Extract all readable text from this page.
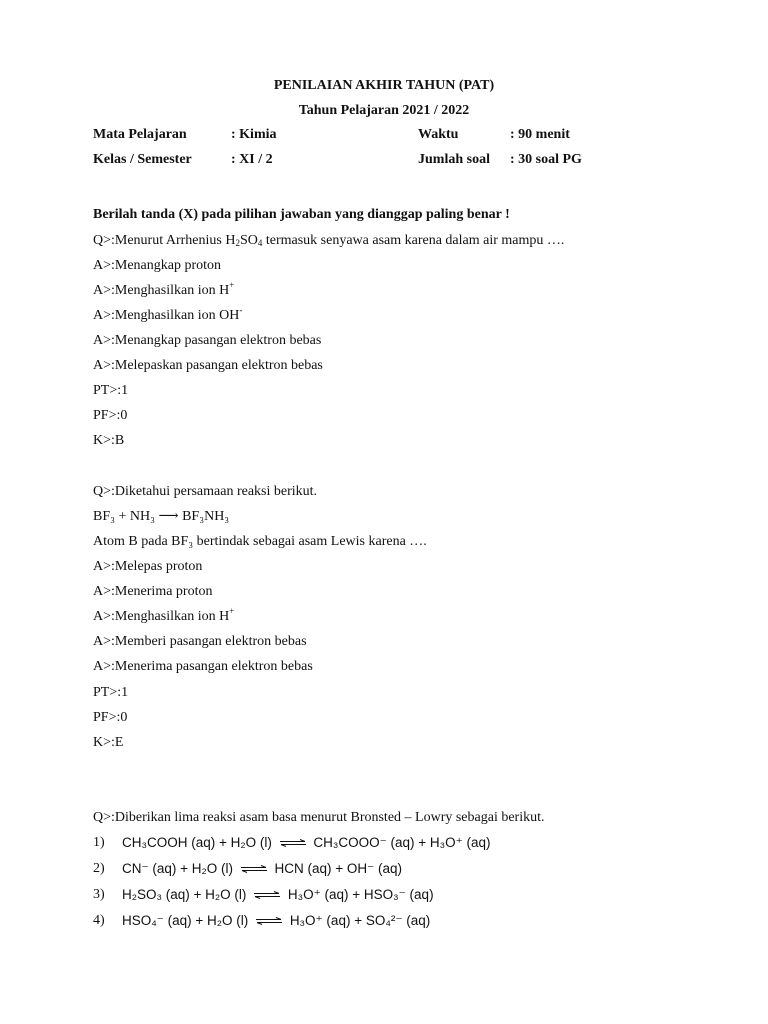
PENILAIAN AKHIR TAHUN (PAT)
Tahun Pelajaran 2021 / 2022
Mata Pelajaran	: Kimia	Waktu	: 90 menit
Kelas / Semester	: XI / 2	Jumlah soal : 30 soal PG
Berilah tanda (X) pada pilihan jawaban yang dianggap paling benar !
Q>:Menurut Arrhenius $H_2SO_4$ termasuk senyawa asam karena dalam air mampu ….
A>:Menangkap proton
A>:Menghasilkan ion H+
A>:Menghasilkan ion OH-
A>:Menangkap pasangan elektron bebas
A>:Melepaskan pasangan elektron bebas
PT>:1
PF>:0
K>:B
Q>:Diketahui persamaan reaksi berikut.
BF₃ + NH₃ ⟶ BF₃NH₃
Atom B pada BF₃ bertindak sebagai asam Lewis karena ….
A>:Melepas proton
A>:Menerima proton
A>:Menghasilkan ion H+
A>:Memberi pasangan elektron bebas
A>:Menerima pasangan elektron bebas
PT>:1
PF>:0
K>:E
Q>:Diberikan lima reaksi asam basa menurut Bronsted – Lowry sebagai berikut.
1) CH₃COOH (aq) + H₂O (l) ⇌ CH₃COOO⁻ (aq) + H₃O⁺ (aq)
2) CN⁻ (aq) + H₂O (l) ⇌ HCN (aq) + OH⁻ (aq)
3) H₂SO₃ (aq) + H₂O (l) ⇌ H₃O⁺ (aq) + HSO₃⁻ (aq)
4) HSO₄⁻ (aq) + H₂O (l) ⇌ H₃O⁺ (aq) + SO₄²⁻ (aq)
